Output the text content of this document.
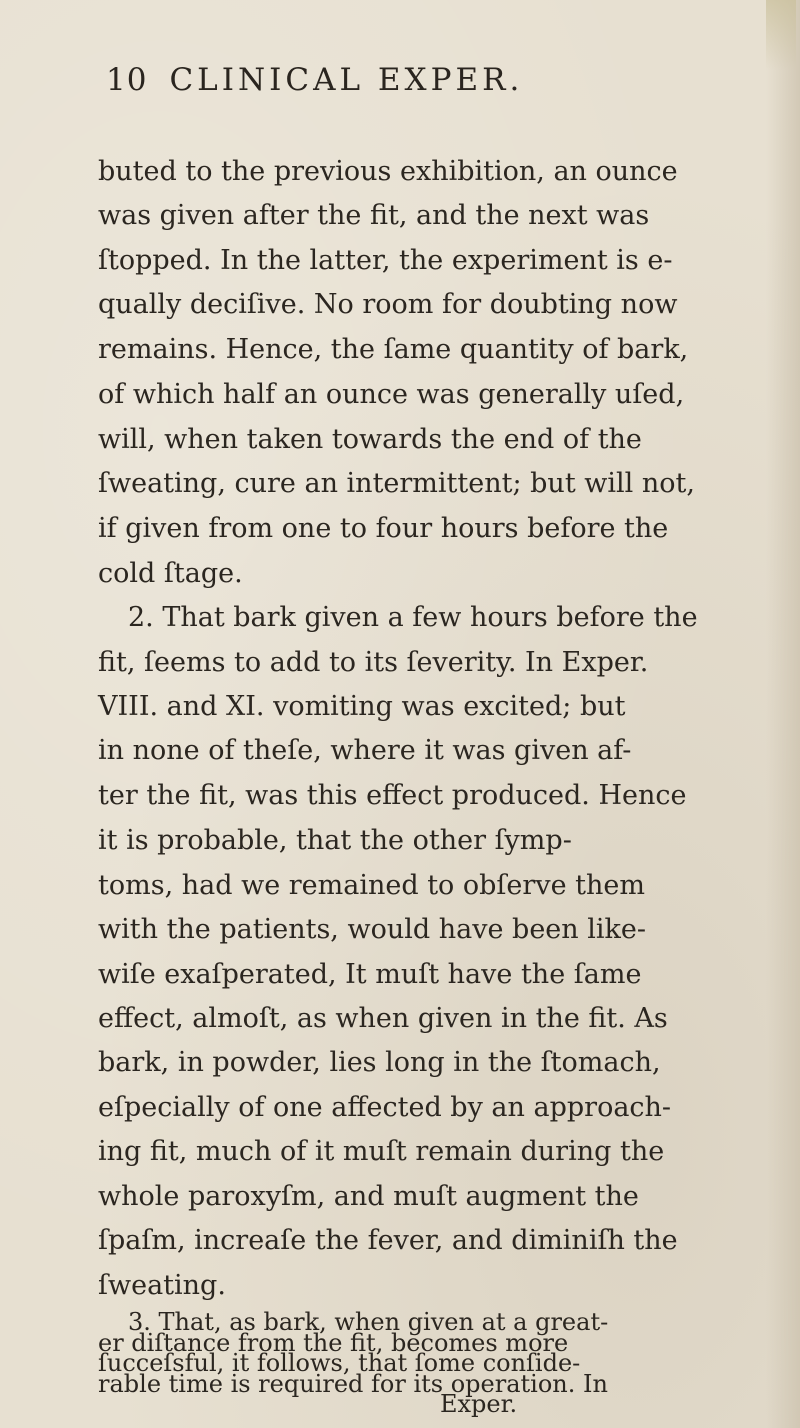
10 CLINICAL EXPER.
buted to the previous exhibition, an ounce
was given after the fit, and the next was
ſtopped. In the latter, the experiment is e-
qually deciſive. No room for doubting now
remains. Hence, the ſame quantity of bark,
of which half an ounce was generally uſed,
will, when taken towards the end of the
ſweating, cure an intermittent; but will not,
if given from one to four hours before the
cold ſtage.
2. That bark given a few hours before the
fit, ſeems to add to its ſeverity. In Exper.
VIII. and XI. vomiting was excited; but
in none of theſe, where it was given af-
ter the fit, was this effect produced. Hence
it is probable, that the other ſymp-
toms, had we remained to obſerve them
with the patients, would have been like-
wiſe exaſperated, It muſt have the ſame
effect, almoſt, as when given in the fit. As
bark, in powder, lies long in the ſtomach,
eſpecially of one affected by an approach-
ing fit, much of it muſt remain during the
whole paroxyſm, and muſt augment the
ſpaſm, increaſe the fever, and diminiſh the
ſweating.
3. That, as bark, when given at a great-
er diſtance from the fit, becomes more
ſucceſsful, it follows, that ſome conſide-
rable time is required for its operation. In
Exper.
